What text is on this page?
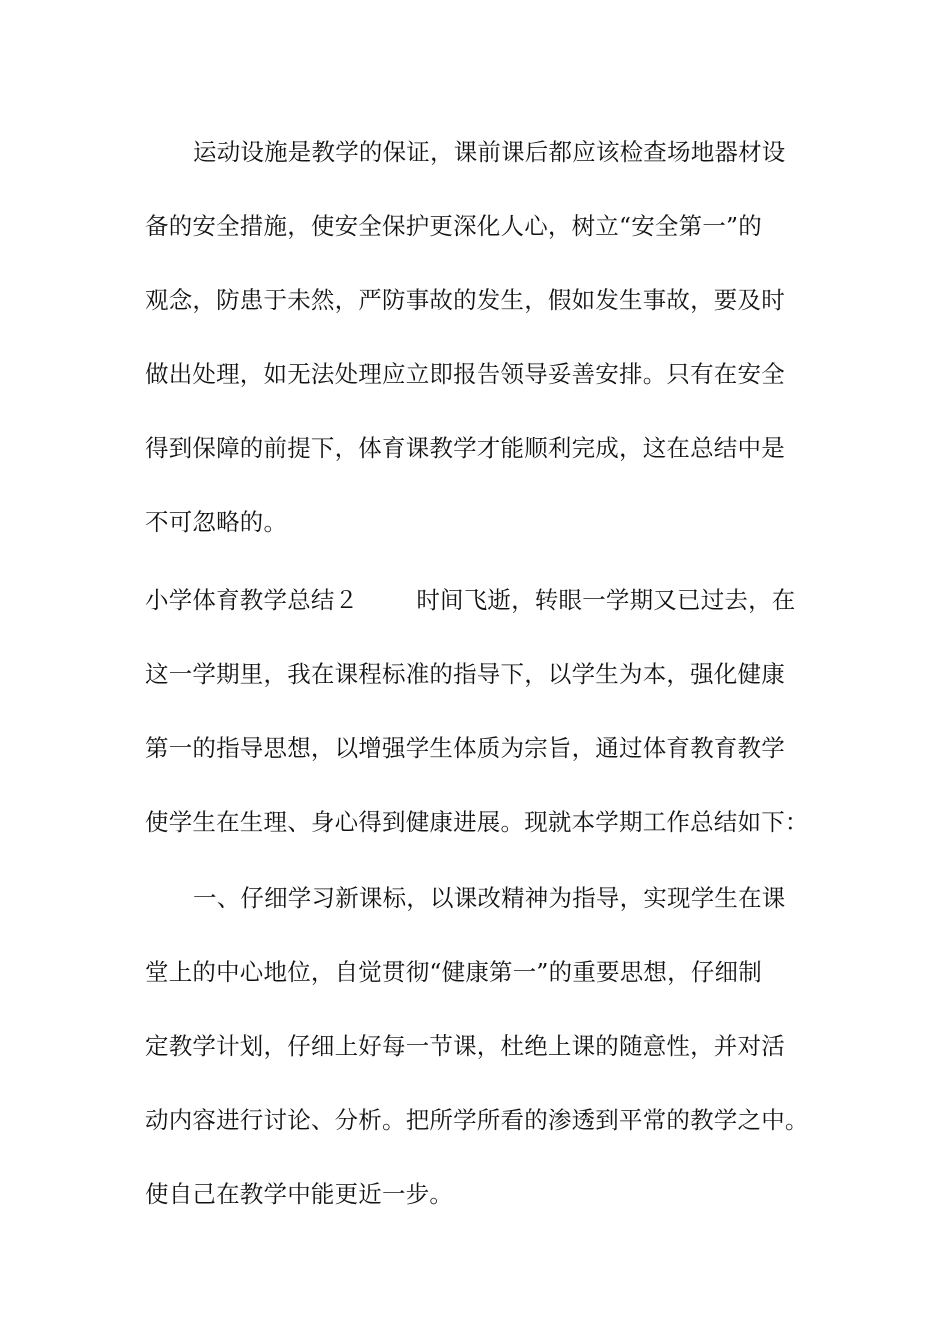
运动设施是教学的保证，课前课后都应该检查场地器材设
备的安全措施，使安全保护更深化人心，树立“安全第一”的
观念，防患于未然，严防事故的发生，假如发生事故，要及时
做出处理，如无法处理应立即报告领导妥善安排。只有在安全
得到保障的前提下，体育课教学才能顺利完成，这在总结中是
不可忽略的。
小学体育教学总结２ 时间飞逝，转眼一学期又已过去，在
这一学期里，我在课程标准的指导下，以学生为本，强化健康
第一的指导思想，以增强学生体质为宗旨，通过体育教育教学
使学生在生理、身心得到健康进展。现就本学期工作总结如下：
一、仔细学习新课标，以课改精神为指导，实现学生在课
堂上的中心地位，自觉贯彻“健康第一”的重要思想，仔细制
定教学计划，仔细上好每一节课，杜绝上课的随意性，并对活
动内容进行讨论、分析。把所学所看的渗透到平常的教学之中。
使自己在教学中能更近一步。
